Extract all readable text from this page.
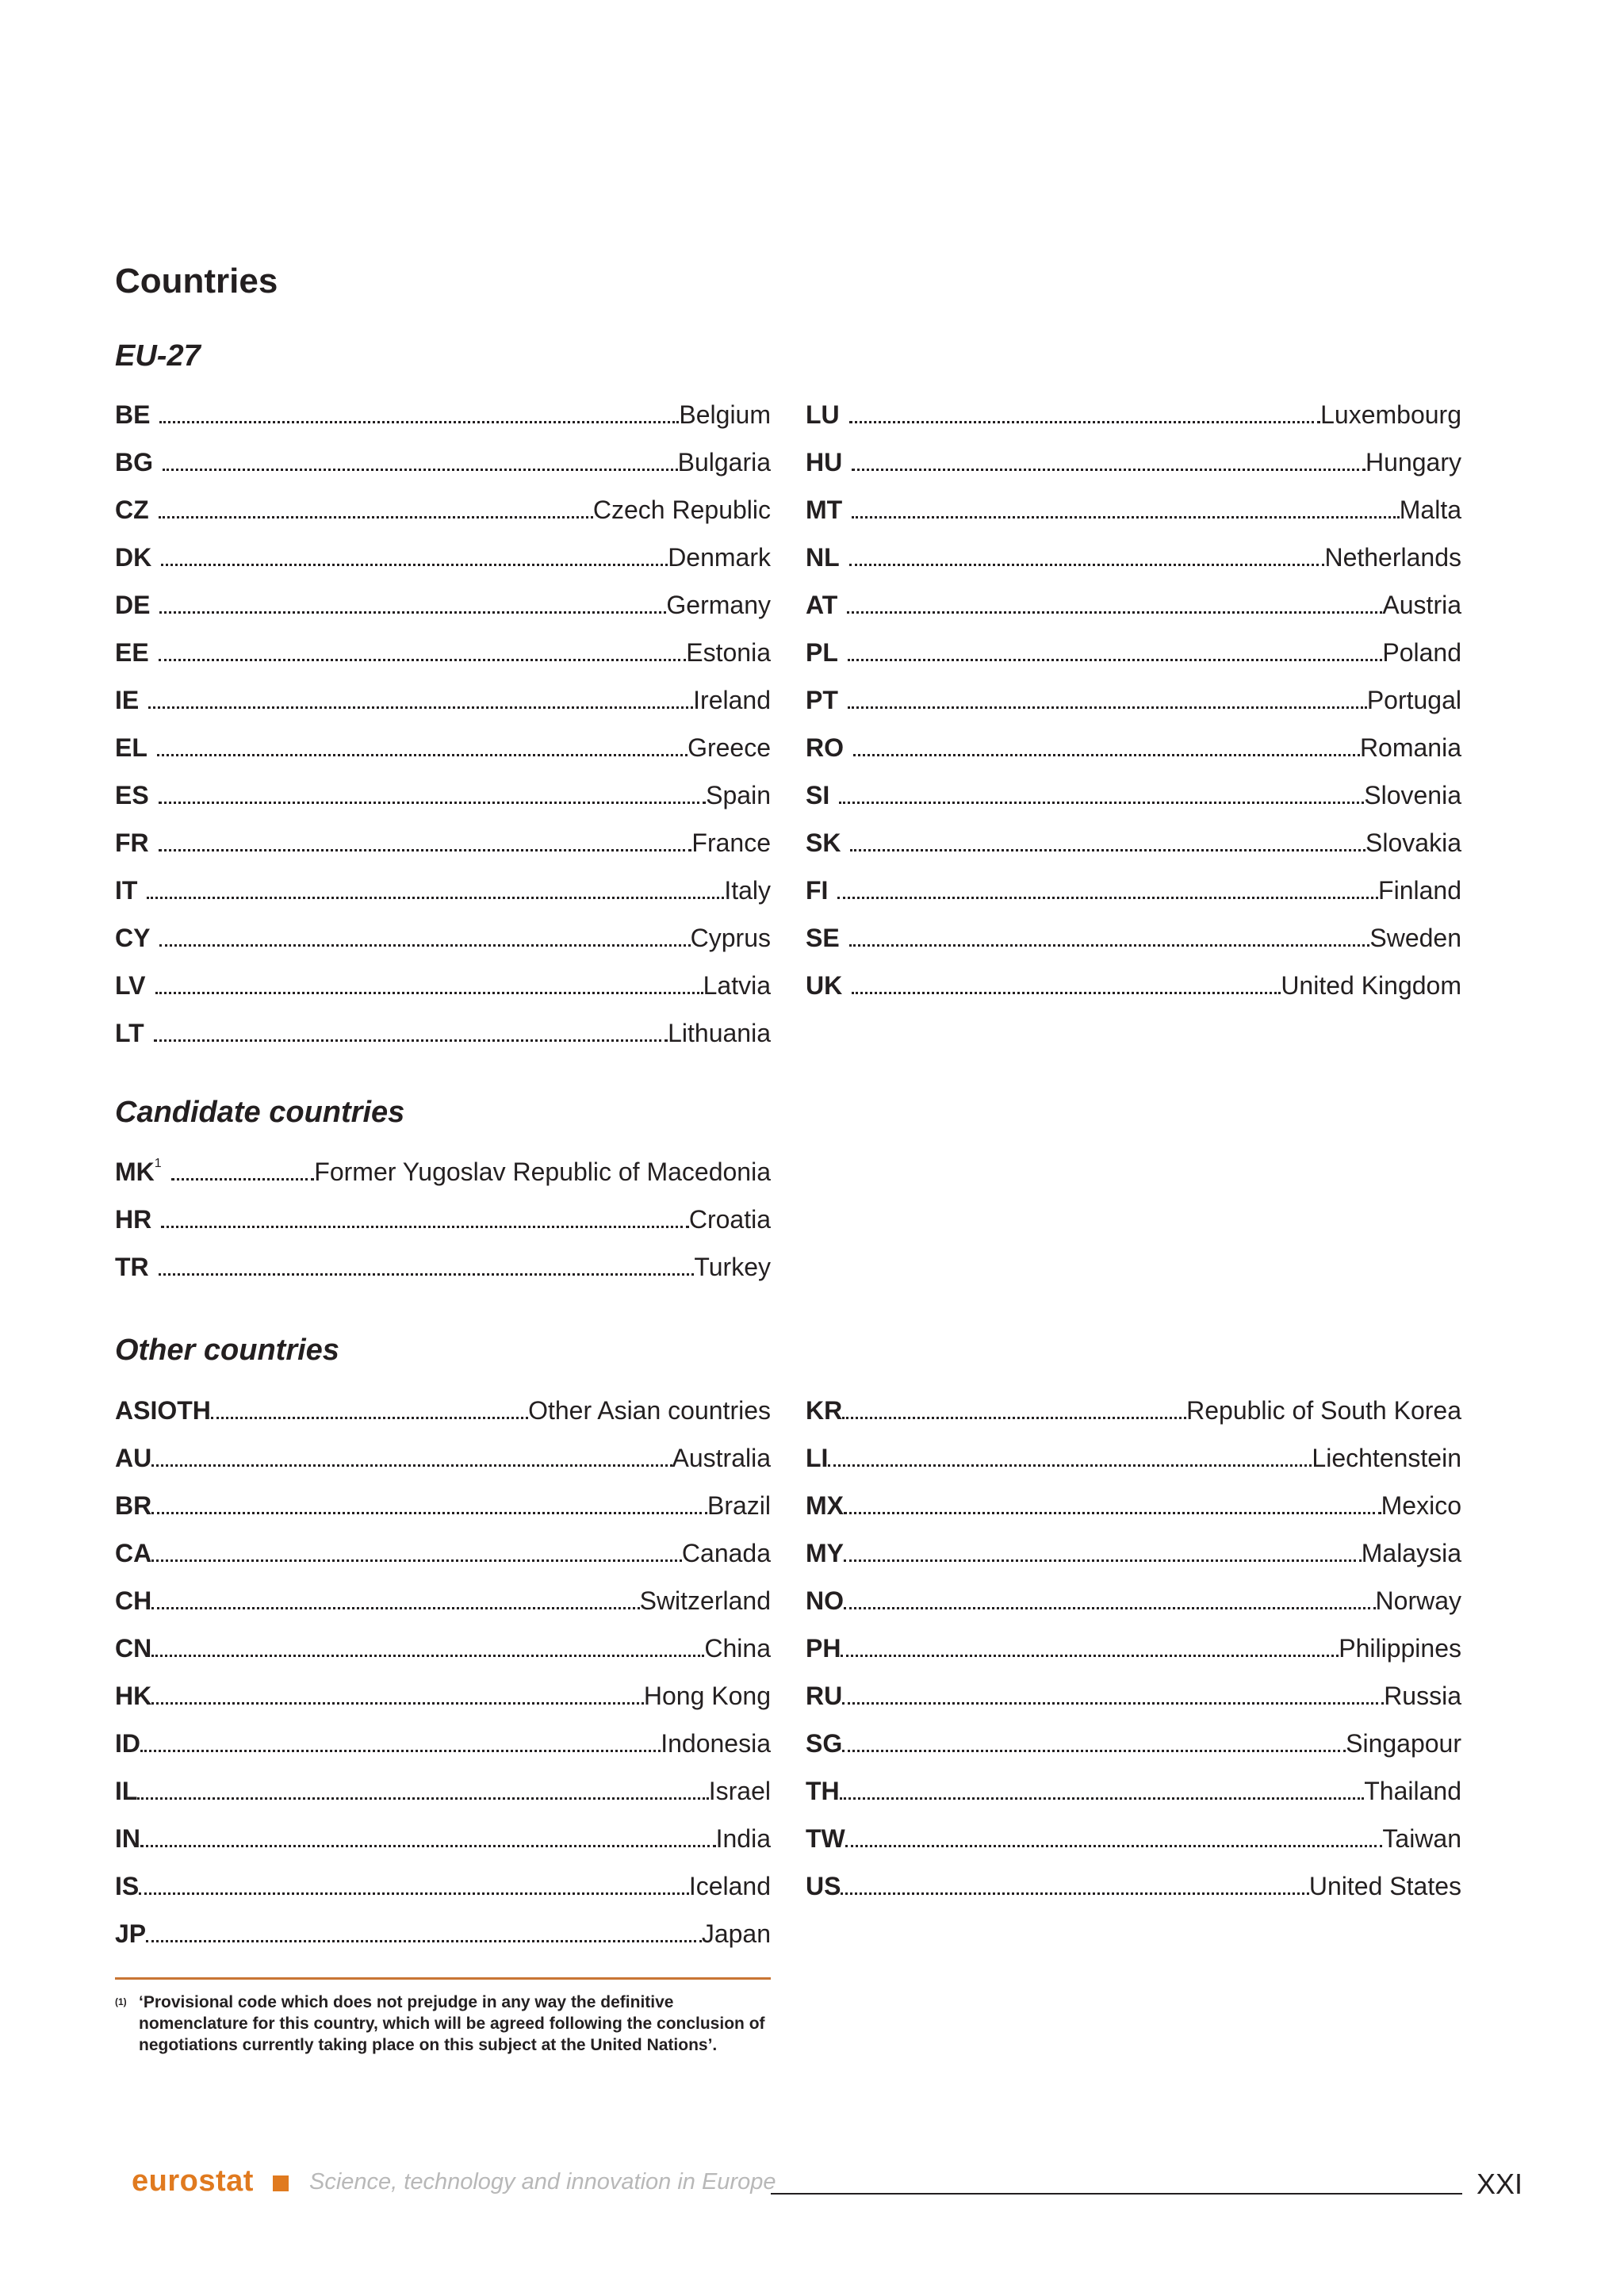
Countries
EU-27
BE	Belgium
BG	Bulgaria
CZ	Czech Republic
DK	Denmark
DE	Germany
EE	Estonia
IE	Ireland
EL	Greece
ES	Spain
FR	France
IT	Italy
CY	Cyprus
LV	Latvia
LT	Lithuania
LU	Luxembourg
HU	Hungary
MT	Malta
NL	Netherlands
AT	Austria
PL	Poland
PT	Portugal
RO	Romania
SI	Slovenia
SK	Slovakia
FI	Finland
SE	Sweden
UK	United Kingdom
Candidate countries
$MK^1$	Former Yugoslav Republic of Macedonia
HR	Croatia
TR	Turkey
Other countries
ASIOTH	Other Asian countries
AU	Australia
BR	Brazil
CA	Canada
CH	Switzerland
CN	China
HK	Hong Kong
ID	Indonesia
IL	Israel
IN	India
IS	Iceland
JP	Japan
KR	Republic of South Korea
LI	Liechtenstein
MX	Mexico
MY	Malaysia
NO	Norway
PH	Philippines
RU	Russia
SG	Singapour
TH	Thailand
TW	Taiwan
US	United States
(1) ‘Provisional code which does not prejudge in any way the definitive nomenclature for this country, which will be agreed following the conclusion of negotiations currently taking place on this subject at the United Nations’.
eurostat Science, technology and innovation in Europe	XXI
